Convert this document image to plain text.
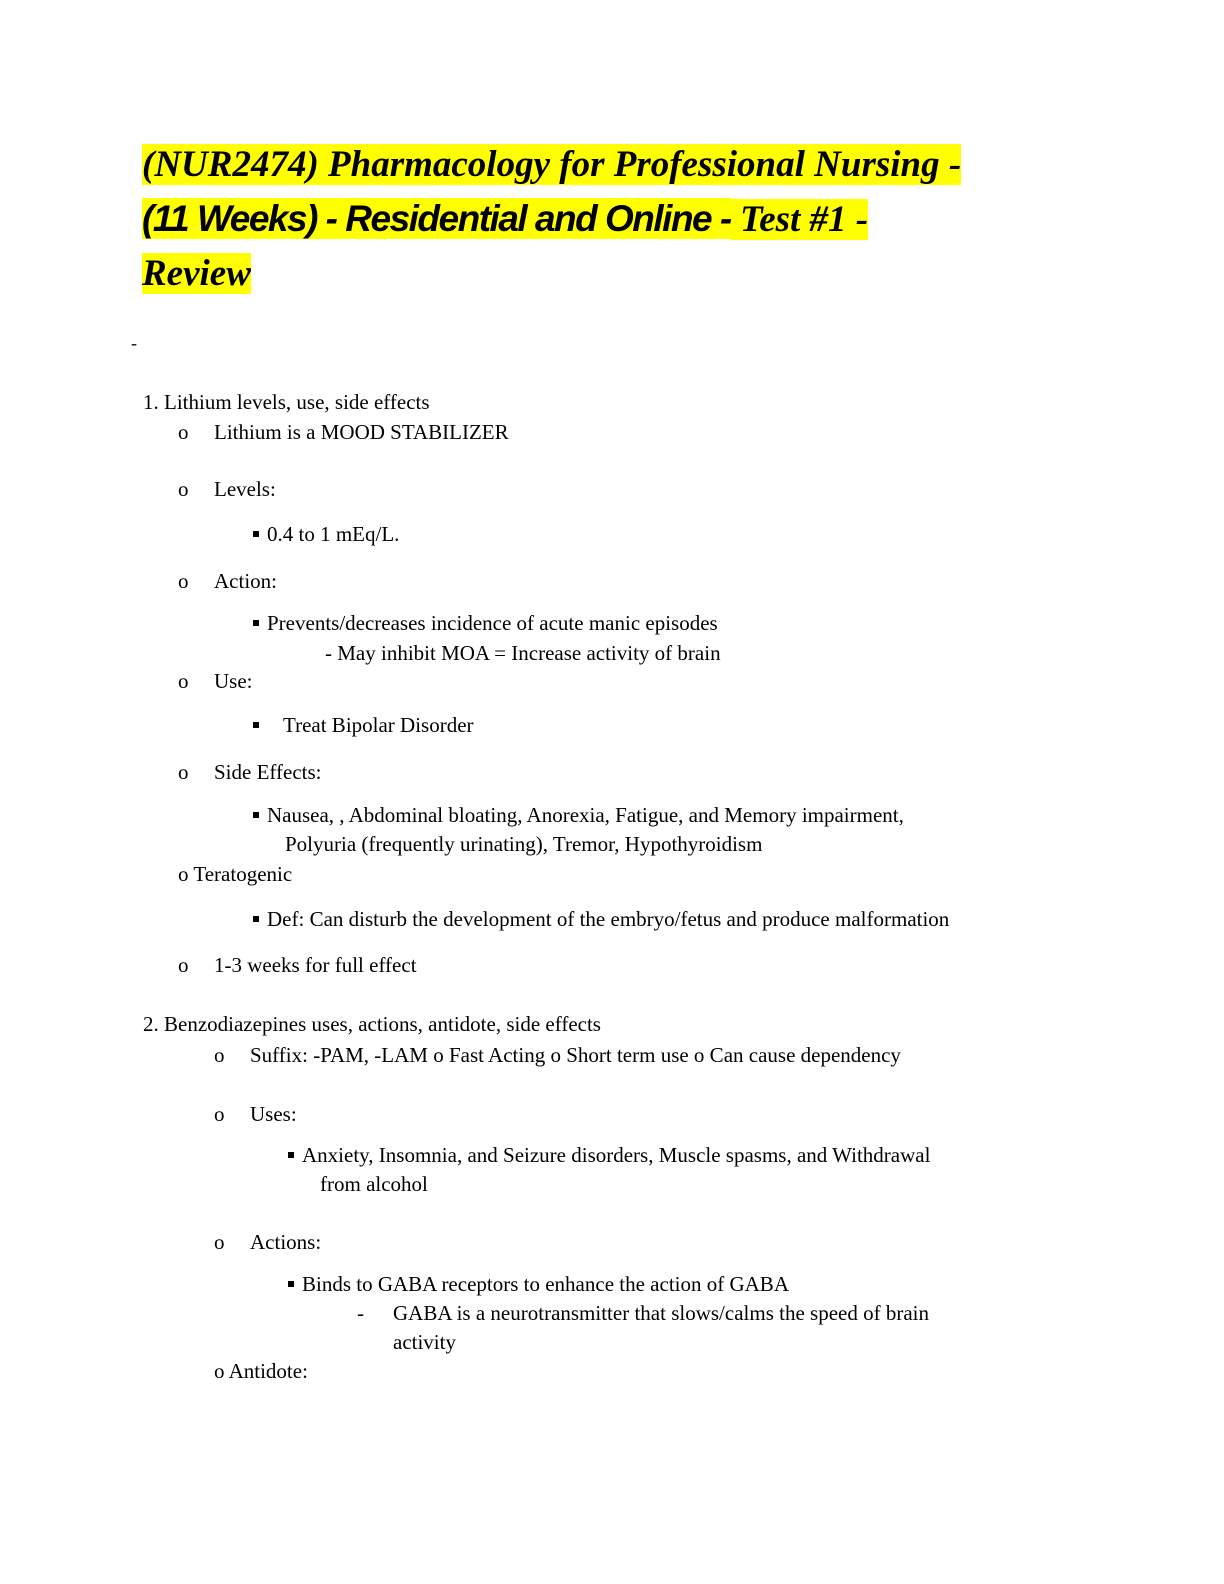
(NUR2474) Pharmacology for Professional Nursing -
(11 Weeks) - Residential and Online - Test #1 -
Review
-

1. Lithium levels, use, side effects

o Lithium is a MOOD STABILIZER

o Levels:

0.4 to 1 mEq/L.

o Action:

Prevents/decreases incidence of acute manic episodes

- May inhibit MOA = Increase activity of brain

o Use:

Treat Bipolar Disorder

o Side Effects:

Nausea, , Abdominal bloating, Anorexia, Fatigue, and Memory impairment,

Polyuria (frequently urinating), Tremor, Hypothyroidism

o Teratogenic

Def: Can disturb the development of the embryo/fetus and produce malformation

o 1-3 weeks for full effect

2. Benzodiazepines uses, actions, antidote, side effects

o Suffix: -PAM, -LAM o Fast Acting o Short term use o Can cause dependency

o Uses:

Anxiety, Insomnia, and Seizure disorders, Muscle spasms, and Withdrawal

from alcohol

o Actions:

Binds to GABA receptors to enhance the action of GABA

- GABA is a neurotransmitter that slows/calms the speed of brain

activity

o Antidote:
